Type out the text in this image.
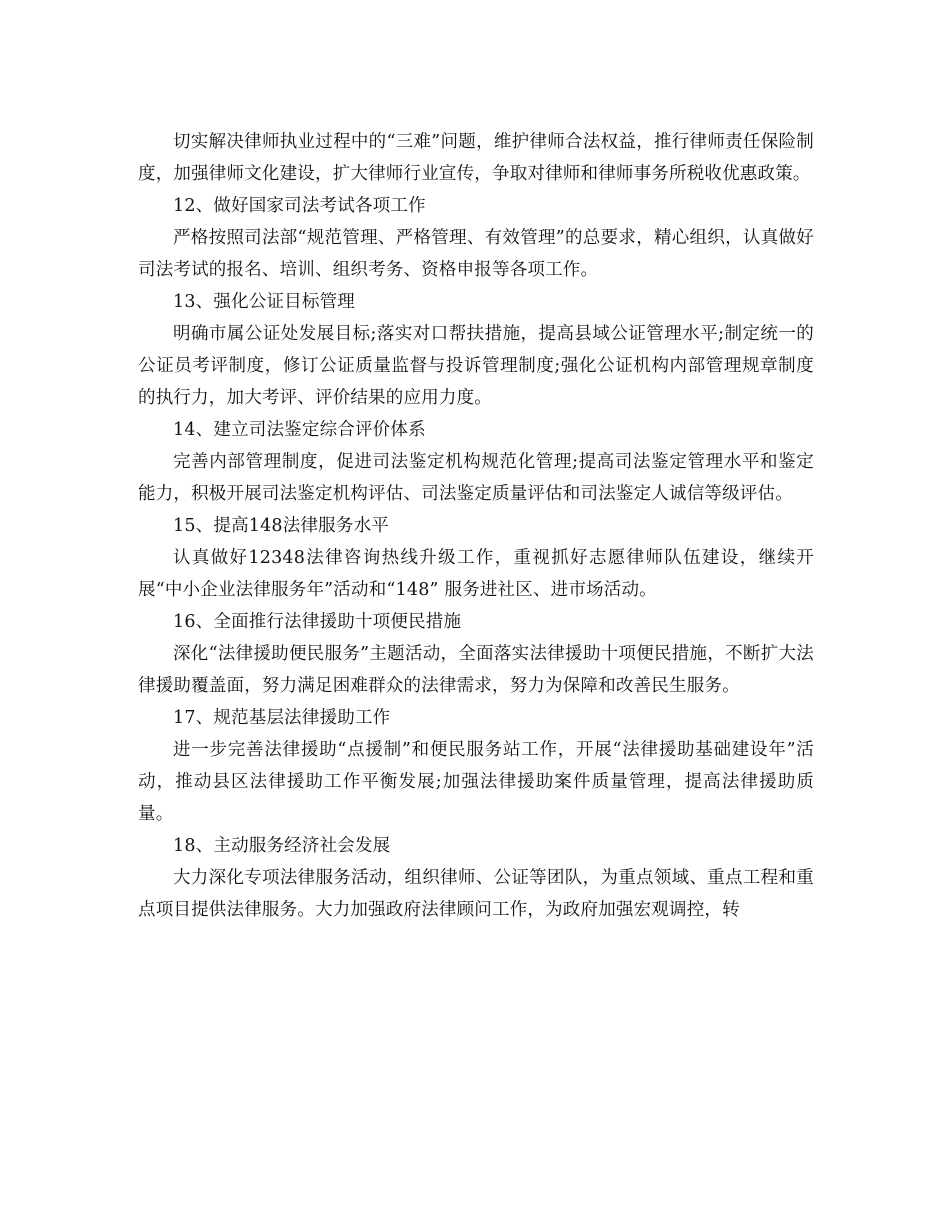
切实解决律师执业过程中的“三难”问题，维护律师合法权益，推行律师责任保险制度，加强律师文化建设，扩大律师行业宣传，争取对律师和律师事务所税收优惠政策。

12、做好国家司法考试各项工作

严格按照司法部“规范管理、严格管理、有效管理”的总要求，精心组织，认真做好司法考试的报名、培训、组织考务、资格申报等各项工作。

13、强化公证目标管理

明确市属公证处发展目标;落实对口帮扶措施，提高县域公证管理水平;制定统一的公证员考评制度，修订公证质量监督与投诉管理制度;强化公证机构内部管理规章制度的执行力，加大考评、评价结果的应用力度。

14、建立司法鉴定综合评价体系

完善内部管理制度，促进司法鉴定机构规范化管理;提高司法鉴定管理水平和鉴定能力，积极开展司法鉴定机构评估、司法鉴定质量评估和司法鉴定人诚信等级评估。

15、提高148法律服务水平

认真做好12348法律咨询热线升级工作，重视抓好志愿律师队伍建设，继续开展“中小企业法律服务年”活动和“148” 服务进社区、进市场活动。

16、全面推行法律援助十项便民措施

深化“法律援助便民服务”主题活动，全面落实法律援助十项便民措施，不断扩大法律援助覆盖面，努力满足困难群众的法律需求，努力为保障和改善民生服务。

17、规范基层法律援助工作

进一步完善法律援助“点援制”和便民服务站工作，开展“法律援助基础建设年”活动，推动县区法律援助工作平衡发展;加强法律援助案件质量管理，提高法律援助质量。

18、主动服务经济社会发展

大力深化专项法律服务活动，组织律师、公证等团队，为重点领域、重点工程和重点项目提供法律服务。大力加强政府法律顾问工作，为政府加强宏观调控，转
